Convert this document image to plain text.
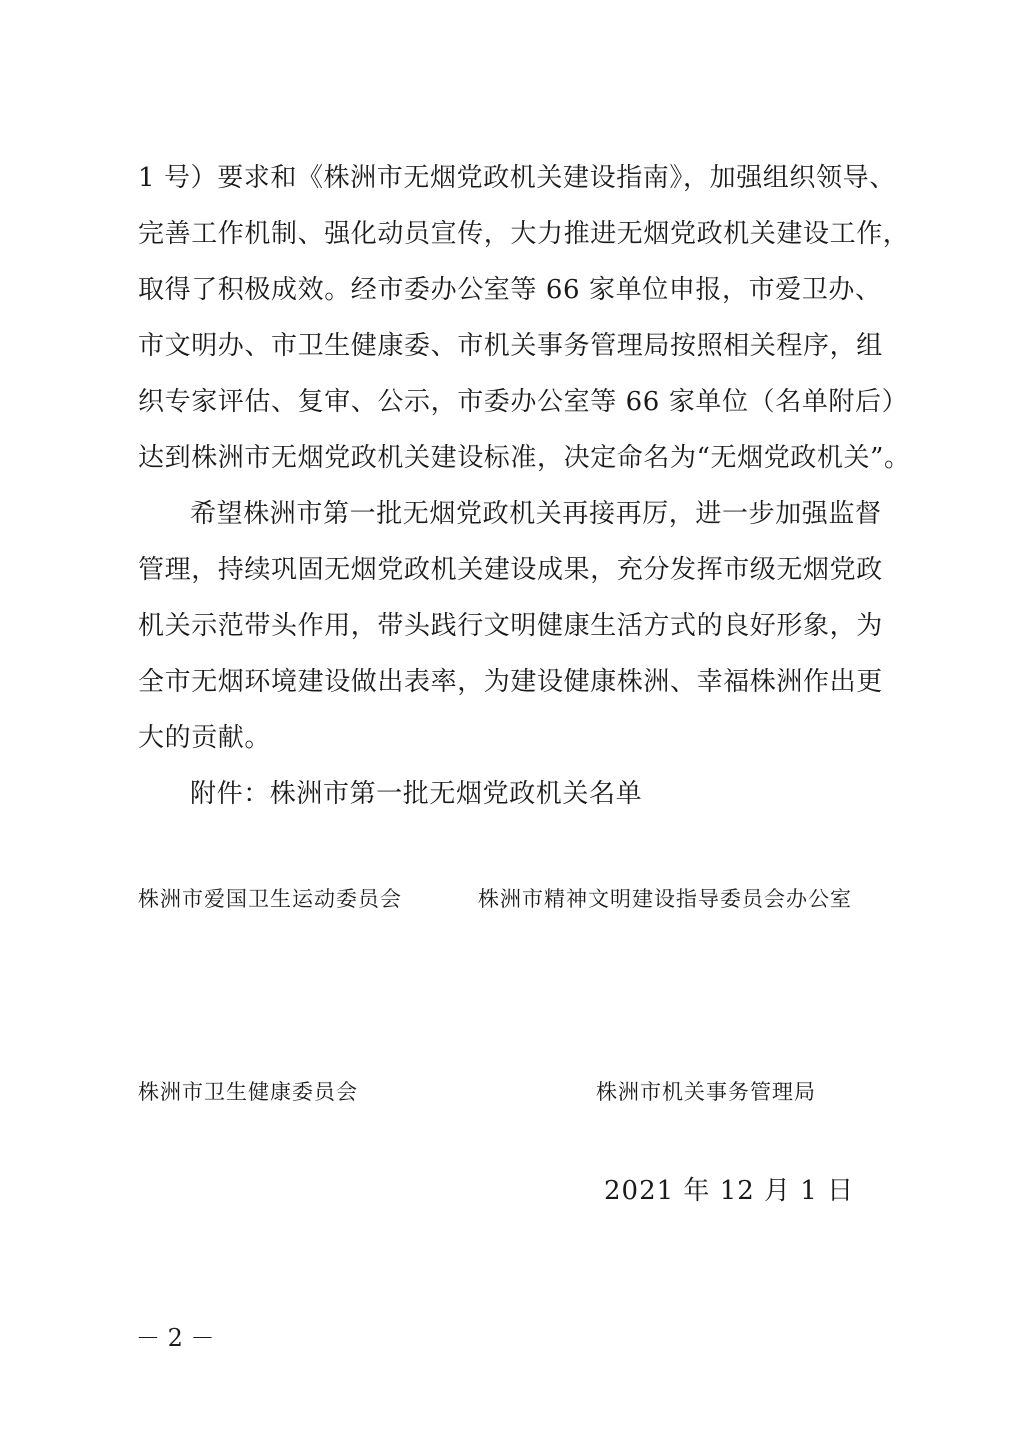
1 号）要求和《株洲市无烟党政机关建设指南》，加强组织领导、
完善工作机制、强化动员宣传，大力推进无烟党政机关建设工作，
取得了积极成效。经市委办公室等 66 家单位申报，市爱卫办、
市文明办、市卫生健康委、市机关事务管理局按照相关程序，组
织专家评估、复审、公示，市委办公室等 66 家单位（名单附后）
达到株洲市无烟党政机关建设标准，决定命名为“无烟党政机关”。
希望株洲市第一批无烟党政机关再接再厉，进一步加强监督
管理，持续巩固无烟党政机关建设成果，充分发挥市级无烟党政
机关示范带头作用，带头践行文明健康生活方式的良好形象，为
全市无烟环境建设做出表率，为建设健康株洲、幸福株洲作出更
大的贡献。
附件：株洲市第一批无烟党政机关名单
株洲市爱国卫生运动委员会	株洲市精神文明建设指导委员会办公室
株洲市卫生健康委员会	株洲市机关事务管理局
2021 年 12 月 1 日
－ 2 －
